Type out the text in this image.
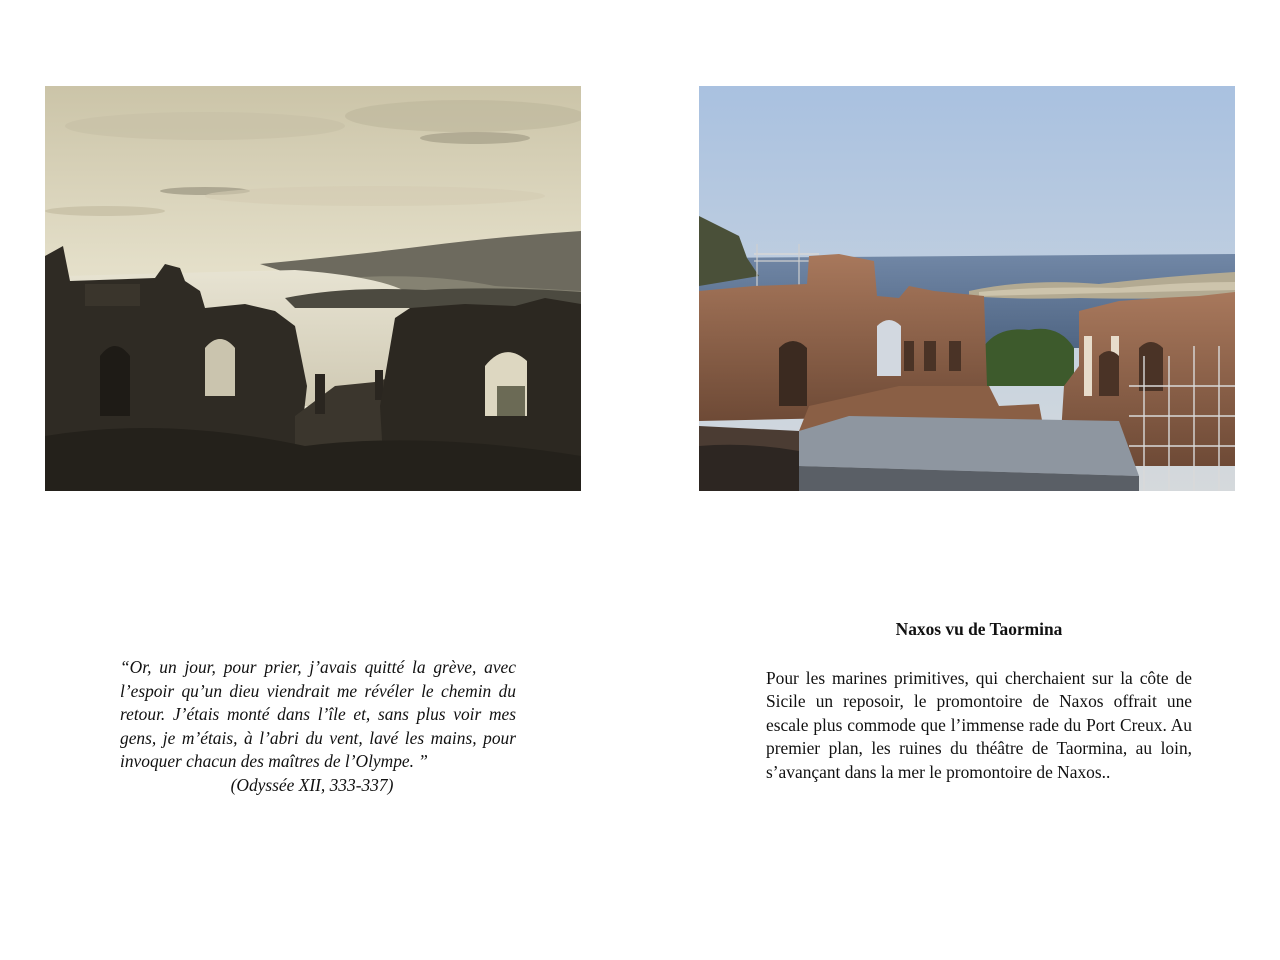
“Or, un jour, pour prier, j’avais quitté la grève, avec l’espoir qu’un dieu viendrait me révéler le chemin du retour. J’étais monté dans l’île et, sans plus voir mes gens, je m’étais, à l’abri du vent, lavé les mains, pour invoquer chacun des maîtres de l’Olympe. ”

(Odyssée XII, 333-337)

Naxos vu de Taormina

Pour les marines primitives, qui cherchaient sur la côte de Sicile un reposoir, le promontoire de Naxos offrait une escale plus commode que l’immense rade du Port Creux. Au premier plan, les ruines du théâtre de Taormina, au loin, s’avançant dans la mer le promontoire de Naxos..
